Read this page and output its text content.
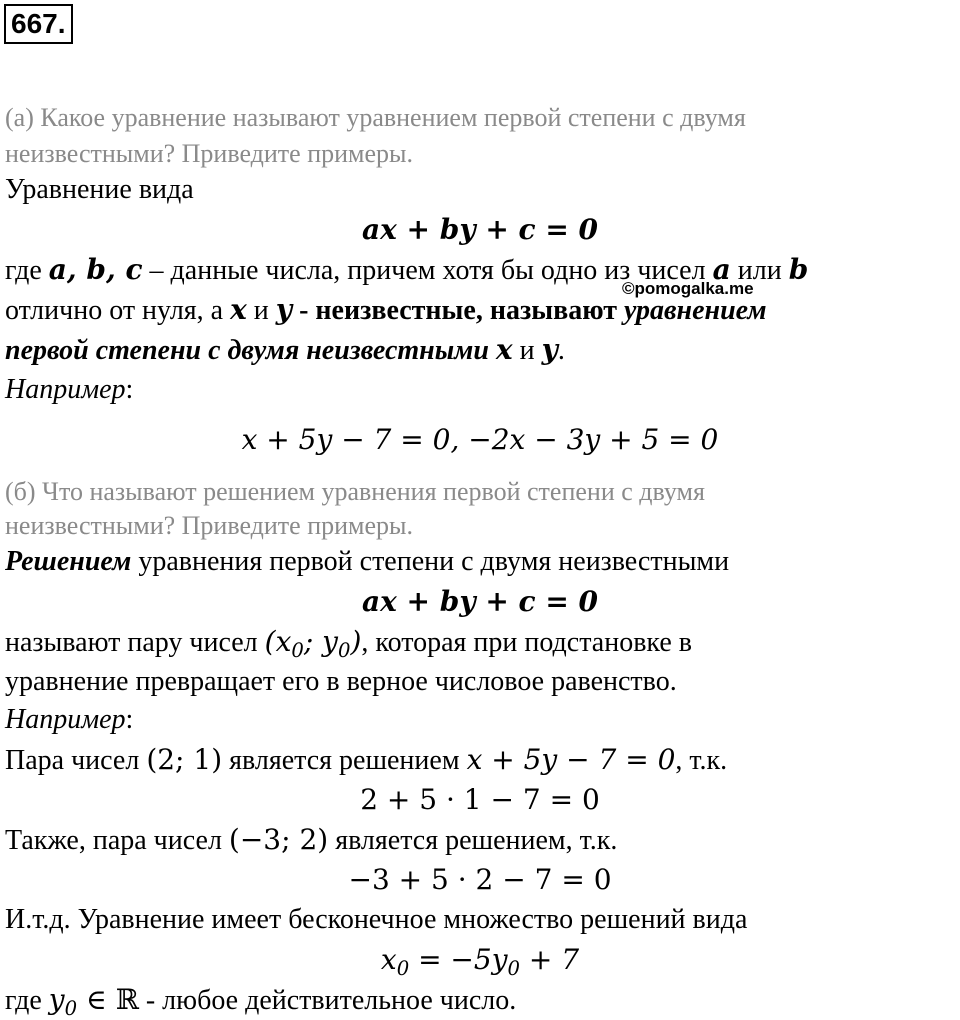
667.
(а) Какое уравнение называют уравнением первой степени с двумя
неизвестными? Приведите примеры.
Уравнение вида
ax + by + c = 0
где a, b, c – данные числа, причем хотя бы одно из чисел a или b
©pomogalka.me
отлично от нуля, а x и y - неизвестные, называют уравнением
первой степени с двумя неизвестными x и y.
Например:
x + 5y − 7 = 0, −2x − 3y + 5 = 0
(б) Что называют решением уравнения первой степени с двумя
неизвестными? Приведите примеры.
Решением уравнения первой степени с двумя неизвестными
ax + by + c = 0
называют пару чисел ($x_0$; $y_0$), которая при подстановке в
уравнение превращает его в верное числовое равенство.
Например:
Пара чисел (2; 1) является решением x + 5y − 7 = 0, т.к.
2 + 5 · 1 − 7 = 0
Также, пара чисел (−3; 2) является решением, т.к.
−3 + 5 · 2 − 7 = 0
И.т.д. Уравнение имеет бесконечное множество решений вида
$x_0 = -5y_0 + 7$
где $y_0$ ∈ ℝ - любое действительное число.
